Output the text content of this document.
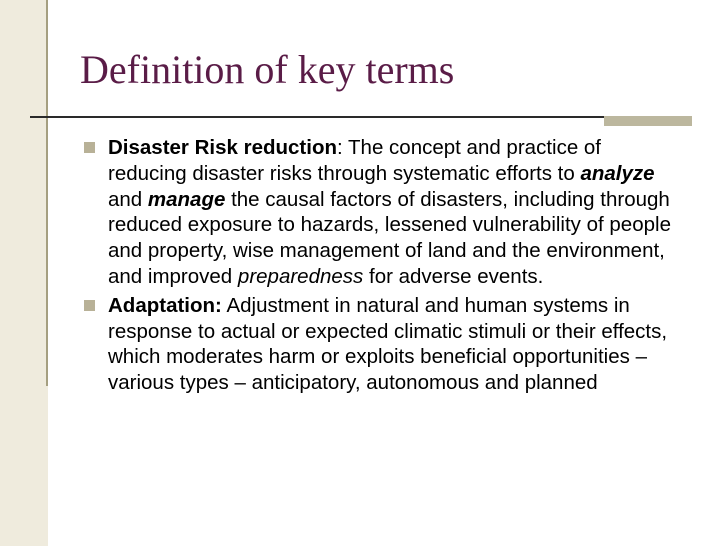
Definition of key terms
Disaster Risk reduction: The concept and practice of reducing disaster risks through systematic efforts to analyze and manage the causal factors of disasters, including through reduced exposure to hazards, lessened vulnerability of people and property, wise management of land and the environment, and improved preparedness for adverse events.
Adaptation: Adjustment in natural and human systems in response to actual or expected climatic stimuli or their effects, which moderates harm or exploits beneficial opportunities –various types – anticipatory, autonomous and planned
